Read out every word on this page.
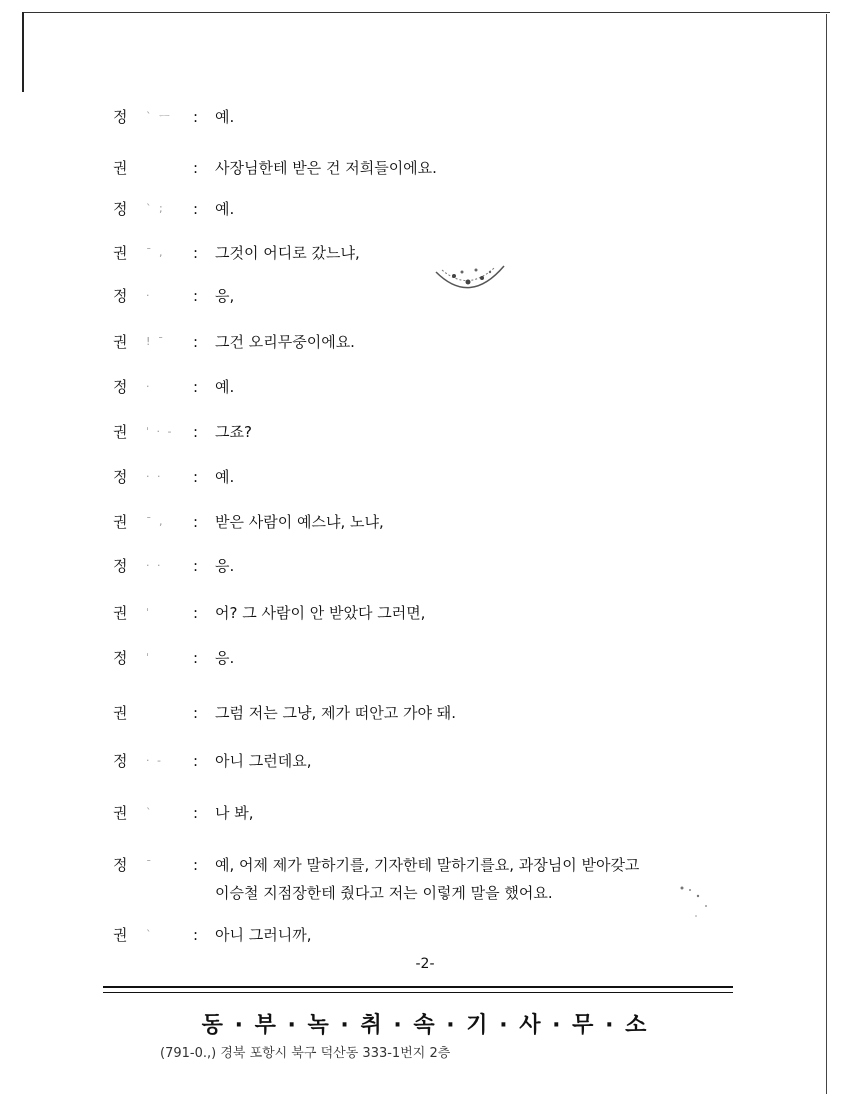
정	ˋ ㅡ	:	예.
권	:	사장님한테 받은 건 저희들이에요.
정	ˋ ;	:	예.
권	ˉ ,	:	그것이 어디로 갔느냐,
정	·	:	응,
권	! ˉ	:	그건 오리무중이에요.
정	·	:	예.
권	ˈ · -	:	그죠?
정	· ·	:	예.
권	ˉ ,	:	받은 사람이 예스냐, 노냐,
정	· ·	:	응.
권	ˈ	:	어? 그 사람이 안 받았다 그러면,
정	ˈ	:	응.
권	:	그럼 저는 그냥, 제가 떠안고 가야 돼.
정	· -	:	아니 그런데요,
권	ˋ	:	나 봐,
정	ˉ	:	예, 어제 제가 말하기를, 기자한테 말하기를요, 과장님이 받아갖고
이승철 지점장한테 줬다고 저는 이렇게 말을 했어요.
권	ˋ	:	아니 그러니까,
-2-
동 · 부 · 녹 · 취 · 속 · 기 · 사 · 무 · 소
(791-0.,) 경북 포항시 북구 덕산동 333-1번지 2층
